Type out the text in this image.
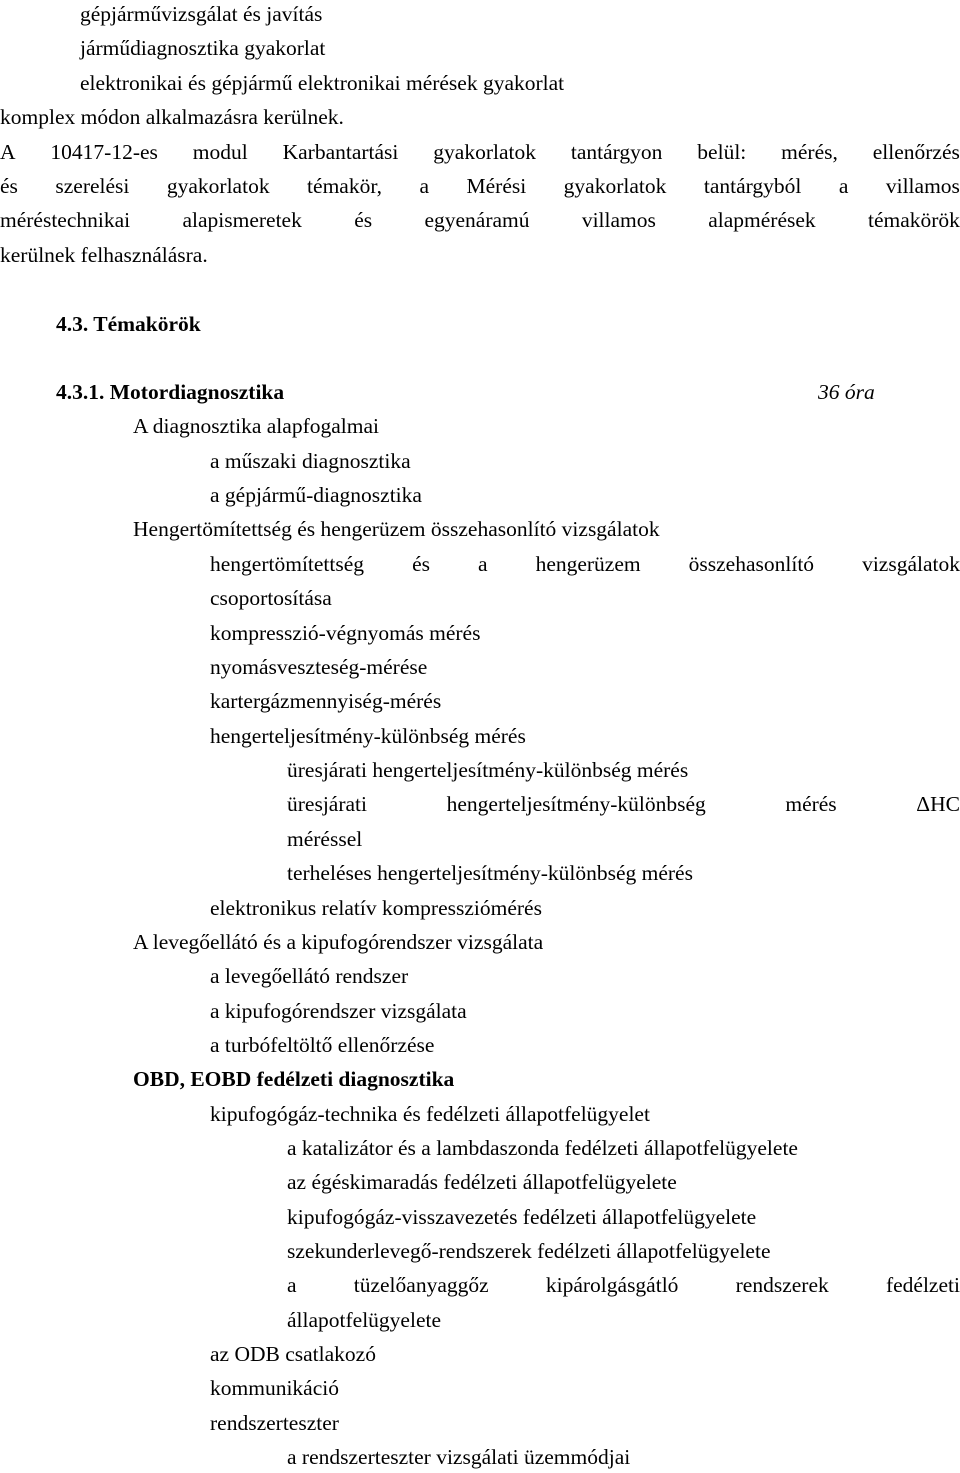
gépjárművizsgálat és javítás
járműdiagnosztika gyakorlat
elektronikai és gépjármű elektronikai mérések gyakorlat
komplex módon alkalmazásra kerülnek.
A 10417-12-es modul Karbantartási gyakorlatok tantárgyon belül: mérés, ellenőrzés
és szerelési gyakorlatok témakör, a Mérési gyakorlatok tantárgyból a villamos
méréstechnikai alapismeretek és egyenáramú villamos alapmérések témakörök
kerülnek felhasználásra.
4.3. Témakörök
4.3.1. Motordiagnosztika	36 óra
A diagnosztika alapfogalmai
a műszaki diagnosztika
a gépjármű-diagnosztika
Hengertömítettség és hengerüzem összehasonlító vizsgálatok
hengertömítettség és a hengerüzem összehasonlító vizsgálatok
csoportosítása
kompresszió-végnyomás mérés
nyomásveszteség-mérése
kartergázmennyiség-mérés
hengerteljesítmény-különbség mérés
üresjárati hengerteljesítmény-különbség mérés
üresjárati	hengerteljesítmény-különbség	mérés	ΔHC
méréssel
terheléses hengerteljesítmény-különbség mérés
elektronikus relatív kompressziómérés
A levegőellátó és a kipufogórendszer vizsgálata
a levegőellátó rendszer
a kipufogórendszer vizsgálata
a turbófeltöltő ellenőrzése
OBD, EOBD fedélzeti diagnosztika
kipufogógáz-technika és fedélzeti állapotfelügyelet
a katalizátor és a lambdaszonda fedélzeti állapotfelügyelete
az égéskimaradás fedélzeti állapotfelügyelete
kipufogógáz-visszavezetés fedélzeti állapotfelügyelete
szekunderlevegő-rendszerek fedélzeti állapotfelügyelete
a	tüzelőanyaggőz	kipárolgásgátló	rendszerek	fedélzeti
állapotfelügyelete
az ODB csatlakozó
kommunikáció
rendszerteszter
a rendszerteszter vizsgálati üzemmódjai
